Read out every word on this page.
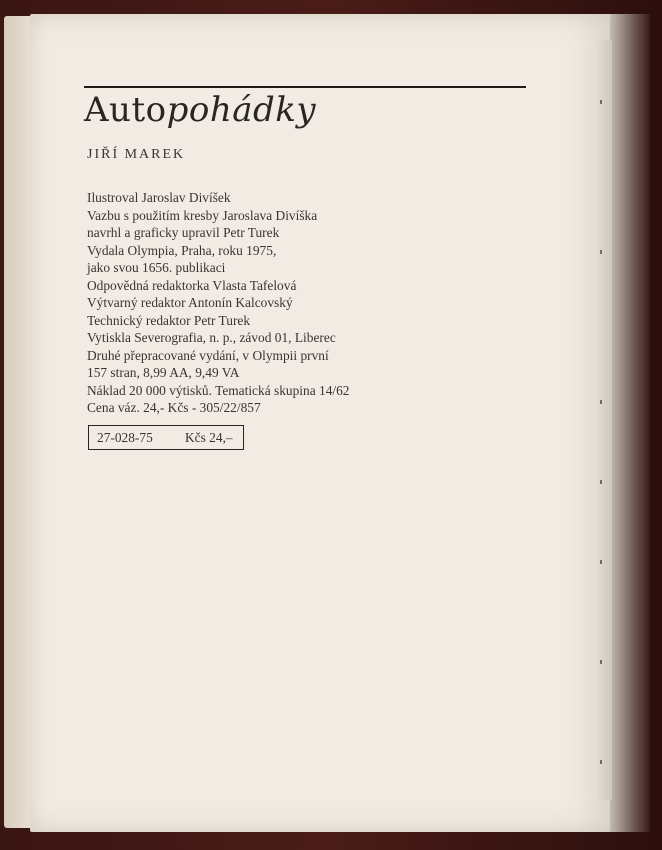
Autopohádky
JIŘÍ MAREK
Ilustroval Jaroslav Divíšek
Vazbu s použitím kresby Jaroslava Divíška
navrhl a graficky upravil Petr Turek
Vydala Olympia, Praha, roku 1975,
jako svou 1656. publikaci
Odpovědná redaktorka Vlasta Tafelová
Výtvarný redaktor Antonín Kalcovský
Technický redaktor Petr Turek
Vytiskla Severografia, n. p., závod 01, Liberec
Druhé přepracované vydání, v Olympii první
157 stran, 8,99 AA, 9,49 VA
Náklad 20 000 výtisků. Tematická skupina 14/62
Cena váz. 24,- Kčs - 305/22/857
27-028-75 Kčs 24,–
